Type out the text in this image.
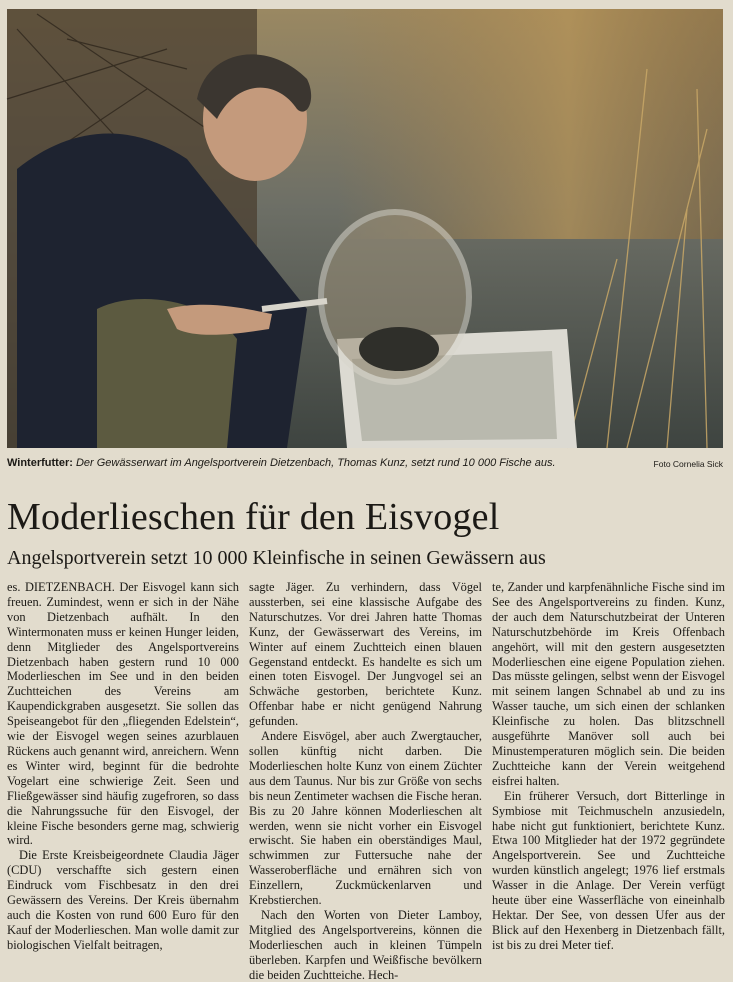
Winterfutter: Der Gewässerwart im Angelsportverein Dietzenbach, Thomas Kunz, setzt rund 10 000 Fische aus.	Foto Cornelia Sick
Moderlieschen für den Eisvogel
Angelsportverein setzt 10 000 Kleinfische in seinen Gewässern aus

es. DIETZENBACH. Der Eisvogel kann sich freuen. Zumindest, wenn er sich in der Nähe von Dietzenbach aufhält. In den Wintermonaten muss er keinen Hunger leiden, denn Mitglieder des Angelsportvereins Dietzenbach haben gestern rund 10 000 Moderlieschen im See und in den beiden Zuchtteichen des Vereins am Kaupendickgraben ausgesetzt. Sie sollen das Speiseangebot für den „fliegenden Edelstein“, wie der Eisvogel wegen seines azurblauen Rückens auch genannt wird, anreichern. Wenn es Winter wird, beginnt für die bedrohte Vogelart eine schwierige Zeit. Seen und Fließgewässer sind häufig zugefroren, so dass die Nahrungssuche für den Eisvogel, der kleine Fische besonders gerne mag, schwierig wird.

Die Erste Kreisbeigeordnete Claudia Jäger (CDU) verschaffte sich gestern einen Eindruck vom Fischbesatz in den drei Gewässern des Vereins. Der Kreis übernahm auch die Kosten von rund 600 Euro für den Kauf der Moderlieschen. Man wolle damit zur biologischen Vielfalt beitragen,

sagte Jäger. Zu verhindern, dass Vögel aussterben, sei eine klassische Aufgabe des Naturschutzes. Vor drei Jahren hatte Thomas Kunz, der Gewässerwart des Vereins, im Winter auf einem Zuchtteich einen blauen Gegenstand entdeckt. Es handelte es sich um einen toten Eisvogel. Der Jungvogel sei an Schwäche gestorben, berichtete Kunz. Offenbar habe er nicht genügend Nahrung gefunden.

Andere Eisvögel, aber auch Zwergtaucher, sollen künftig nicht darben. Die Moderlieschen holte Kunz von einem Züchter aus dem Taunus. Nur bis zur Größe von sechs bis neun Zentimeter wachsen die Fische heran. Bis zu 20 Jahre können Moderlieschen alt werden, wenn sie nicht vorher ein Eisvogel erwischt. Sie haben ein oberständiges Maul, schwimmen zur Futtersuche nahe der Wasseroberfläche und ernähren sich von Einzellern, Zuckmückenlarven und Krebstierchen.

Nach den Worten von Dieter Lamboy, Mitglied des Angelsportvereins, können die Moderlieschen auch in kleinen Tümpeln überleben. Karpfen und Weißfische bevölkern die beiden Zuchtteiche. Hech-

te, Zander und karpfenähnliche Fische sind im See des Angelsportvereins zu finden. Kunz, der auch dem Naturschutzbeirat der Unteren Naturschutzbehörde im Kreis Offenbach angehört, will mit den gestern ausgesetzten Moderlieschen eine eigene Population ziehen. Das müsste gelingen, selbst wenn der Eisvogel mit seinem langen Schnabel ab und zu ins Wasser tauche, um sich einen der schlanken Kleinfische zu holen. Das blitzschnell ausgeführte Manöver soll auch bei Minustemperaturen möglich sein. Die beiden Zuchtteiche kann der Verein weitgehend eisfrei halten.

Ein früherer Versuch, dort Bitterlinge in Symbiose mit Teichmuscheln anzusiedeln, habe nicht gut funktioniert, berichtete Kunz. Etwa 100 Mitglieder hat der 1972 gegründete Angelsportverein. See und Zuchtteiche wurden künstlich angelegt; 1976 lief erstmals Wasser in die Anlage. Der Verein verfügt heute über eine Wasserfläche von eineinhalb Hektar. Der See, von dessen Ufer aus der Blick auf den Hexenberg in Dietzenbach fällt, ist bis zu drei Meter tief.
